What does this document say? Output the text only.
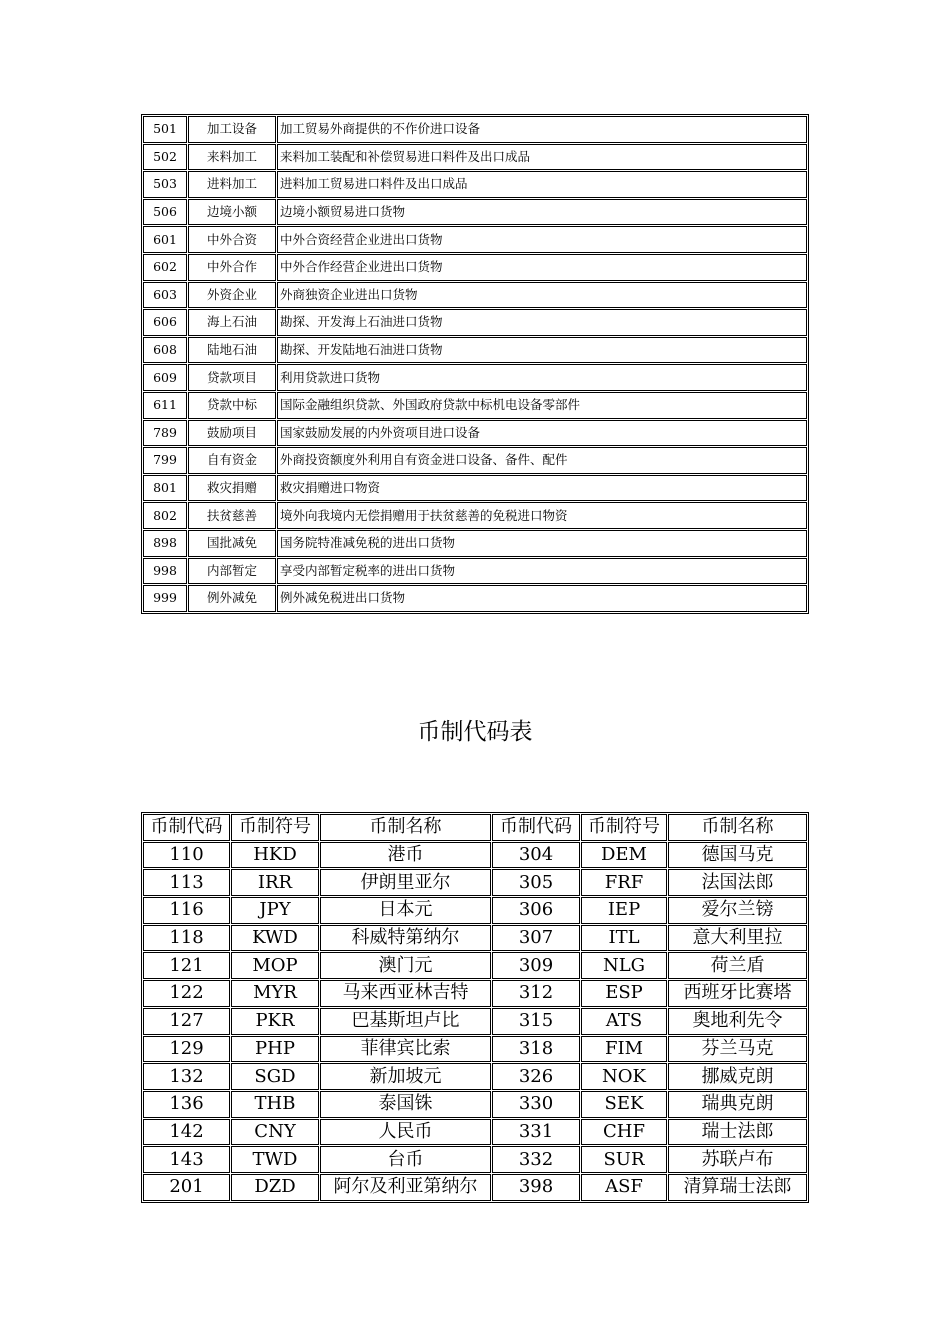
501	加工设备	加工贸易外商提供的不作价进口设备
502	来料加工	来料加工装配和补偿贸易进口料件及出口成品
503	进料加工	进料加工贸易进口料件及出口成品
506	边境小额	边境小额贸易进口货物
601	中外合资	中外合资经营企业进出口货物
602	中外合作	中外合作经营企业进出口货物
603	外资企业	外商独资企业进出口货物
606	海上石油	勘探、开发海上石油进口货物
608	陆地石油	勘探、开发陆地石油进口货物
609	贷款项目	利用贷款进口货物
611	贷款中标	国际金融组织贷款、外国政府贷款中标机电设备零部件
789	鼓励项目	国家鼓励发展的内外资项目进口设备
799	自有资金	外商投资额度外利用自有资金进口设备、备件、配件
801	救灾捐赠	救灾捐赠进口物资
802	扶贫慈善	境外向我境内无偿捐赠用于扶贫慈善的免税进口物资
898	国批减免	国务院特准减免税的进出口货物
998	内部暂定	享受内部暂定税率的进出口货物
999	例外减免	例外减免税进出口货物
币制代码表
币制代码	币制符号	币制名称	币制代码	币制符号	币制名称
110	HKD	港币	304	DEM	德国马克
113	IRR	伊朗里亚尔	305	FRF	法国法郎
116	JPY	日本元	306	IEP	爱尔兰镑
118	KWD	科威特第纳尔	307	ITL	意大利里拉
121	MOP	澳门元	309	NLG	荷兰盾
122	MYR	马来西亚林吉特	312	ESP	西班牙比赛塔
127	PKR	巴基斯坦卢比	315	ATS	奥地利先令
129	PHP	菲律宾比索	318	FIM	芬兰马克
132	SGD	新加坡元	326	NOK	挪威克朗
136	THB	泰国铢	330	SEK	瑞典克朗
142	CNY	人民币	331	CHF	瑞士法郎
143	TWD	台币	332	SUR	苏联卢布
201	DZD	阿尔及利亚第纳尔	398	ASF	清算瑞士法郎
